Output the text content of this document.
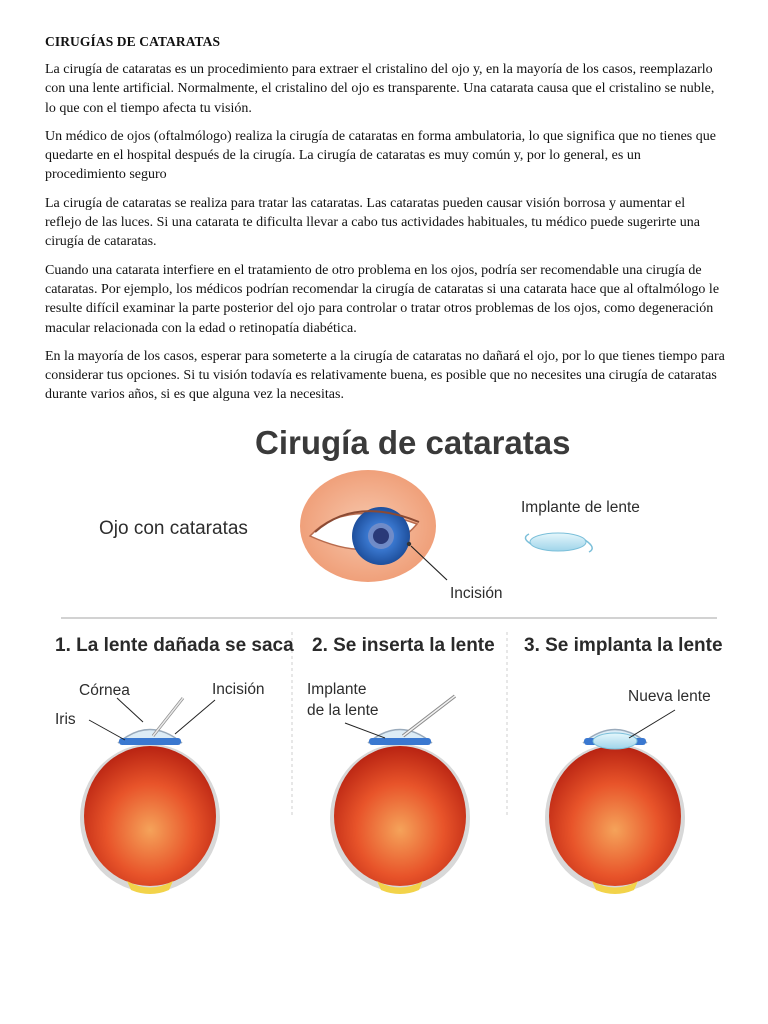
CIRUGÍAS DE CATARATAS

La cirugía de cataratas es un procedimiento para extraer el cristalino del ojo y, en la mayoría de los casos, reemplazarlo con una lente artificial. Normalmente, el cristalino del ojo es transparente. Una catarata causa que el cristalino se nuble, lo que con el tiempo afecta tu visión.

Un médico de ojos (oftalmólogo) realiza la cirugía de cataratas en forma ambulatoria, lo que significa que no tienes que quedarte en el hospital después de la cirugía. La cirugía de cataratas es muy común y, por lo general, es un procedimiento seguro

La cirugía de cataratas se realiza para tratar las cataratas. Las cataratas pueden causar visión borrosa y aumentar el reflejo de las luces. Si una catarata te dificulta llevar a cabo tus actividades habituales, tu médico puede sugerirte una cirugía de cataratas.

Cuando una catarata interfiere en el tratamiento de otro problema en los ojos, podría ser recomendable una cirugía de cataratas. Por ejemplo, los médicos podrían recomendar la cirugía de cataratas si una catarata hace que al oftalmólogo le resulte difícil examinar la parte posterior del ojo para controlar o tratar otros problemas de los ojos, como degeneración macular relacionada con la edad o retinopatía diabética.

En la mayoría de los casos, esperar para someterte a la cirugía de cataratas no dañará el ojo, por lo que tienes tiempo para considerar tus opciones. Si tu visión todavía es relativamente buena, es posible que no necesites una cirugía de cataratas durante varios años, si es que alguna vez la necesitas.

Cirugía de cataratas
Ojo con cataratas
Incisión
Implante de lente
1. La lente dañada se saca 2. Se inserta la lente 3. Se implanta la lente
Córnea	Incisión
Iris
Implante
de la lente
Nueva lente
